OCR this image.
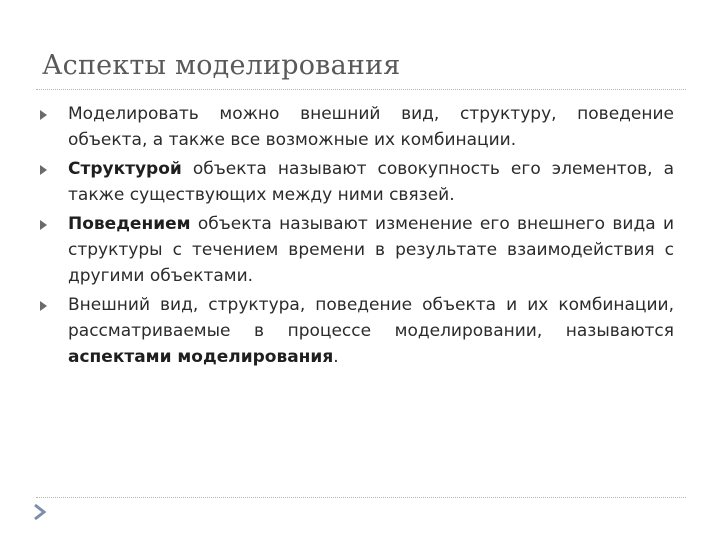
Аспекты моделирования
Моделировать можно внешний вид, структуру, поведение объекта, а также все возможные их комбинации.
Структурой объекта называют совокупность его элементов, а также существующих между ними связей.
Поведением объекта называют изменение его внешнего вида и структуры с течением времени в результате взаимодействия с другими объектами.
Внешний вид, структура, поведение объекта и их комбинации, рассматриваемые в процессе моделировании, называются аспектами моделирования.
